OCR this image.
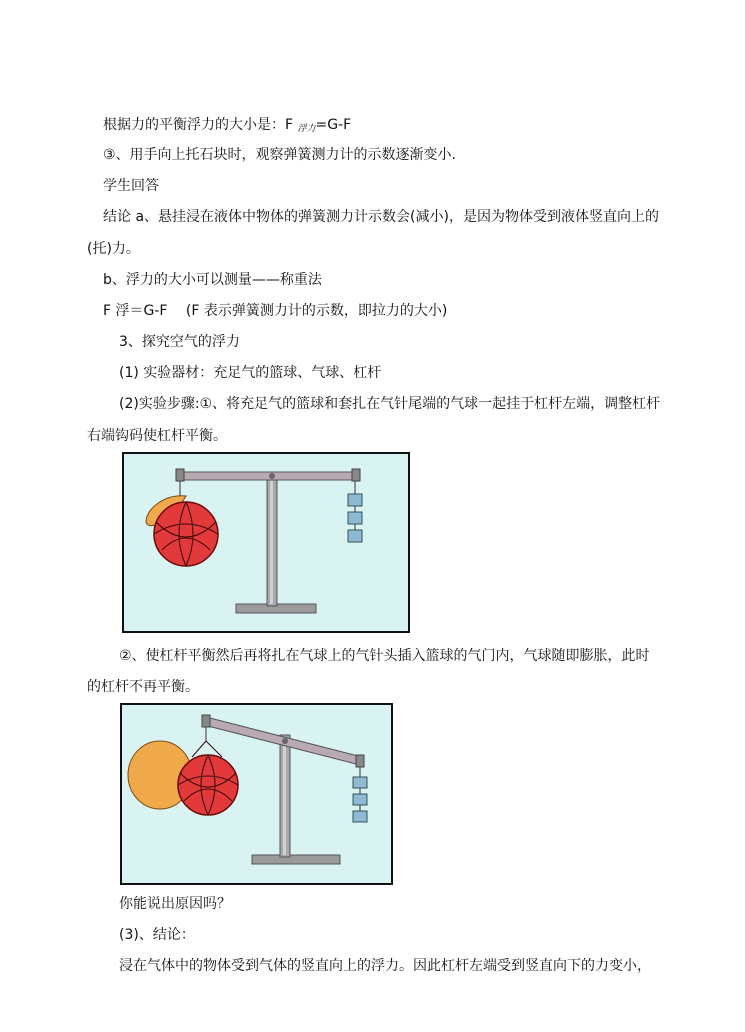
根据力的平衡浮力的大小是：F 浮力=G-F
③、用手向上托石块时，观察弹簧测力计的示数逐渐变小.
学生回答
结论 a、悬挂浸在液体中物体的弹簧测力计示数会(减小)，是因为物体受到液体竖直向上的
(托)力。
b、浮力的大小可以测量——称重法
F 浮＝G-F　 (F 表示弹簧测力计的示数，即拉力的大小)
3、探究空气的浮力
(1) 实验器材：充足气的篮球、气球、杠杆
(2)实验步骤:①、将充足气的篮球和套扎在气针尾端的气球一起挂于杠杆左端，调整杠杆
右端钩码使杠杆平衡。
②、使杠杆平衡然后再将扎在气球上的气针头插入篮球的气门内，气球随即膨胀，此时
的杠杆不再平衡。
你能说出原因吗？
(3)、结论：
浸在气体中的物体受到气体的竖直向上的浮力。因此杠杆左端受到竖直向下的力变小，
